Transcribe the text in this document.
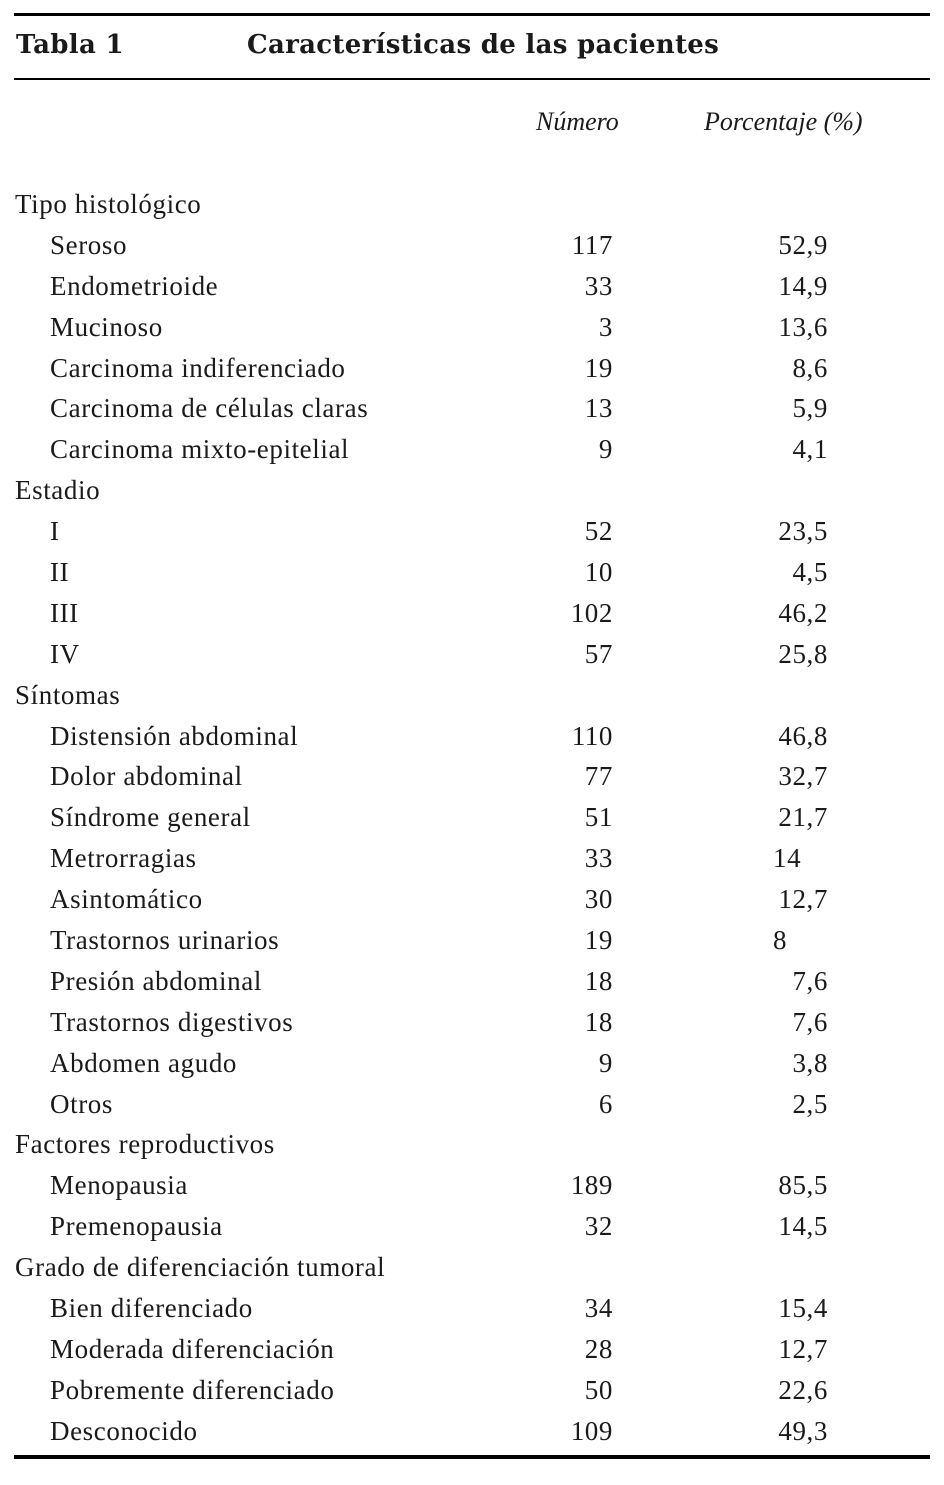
Tabla 1	Características de las pacientes
Número	Porcentaje (%)
Tipo histológico
Seroso	117	52,9
Endometrioide	33	14,9
Mucinoso	3	13,6
Carcinoma indiferenciado	19	8,6
Carcinoma de células claras	13	5,9
Carcinoma mixto-epitelial	9	4,1
Estadio
I	52	23,5
II	10	4,5
III	102	46,2
IV	57	25,8
Síntomas
Distensión abdominal	110	46,8
Dolor abdominal	77	32,7
Síndrome general	51	21,7
Metrorragias	33	14
Asintomático	30	12,7
Trastornos urinarios	19	8
Presión abdominal	18	7,6
Trastornos digestivos	18	7,6
Abdomen agudo	9	3,8
Otros	6	2,5
Factores reproductivos
Menopausia	189	85,5
Premenopausia	32	14,5
Grado de diferenciación tumoral
Bien diferenciado	34	15,4
Moderada diferenciación	28	12,7
Pobremente diferenciado	50	22,6
Desconocido	109	49,3
